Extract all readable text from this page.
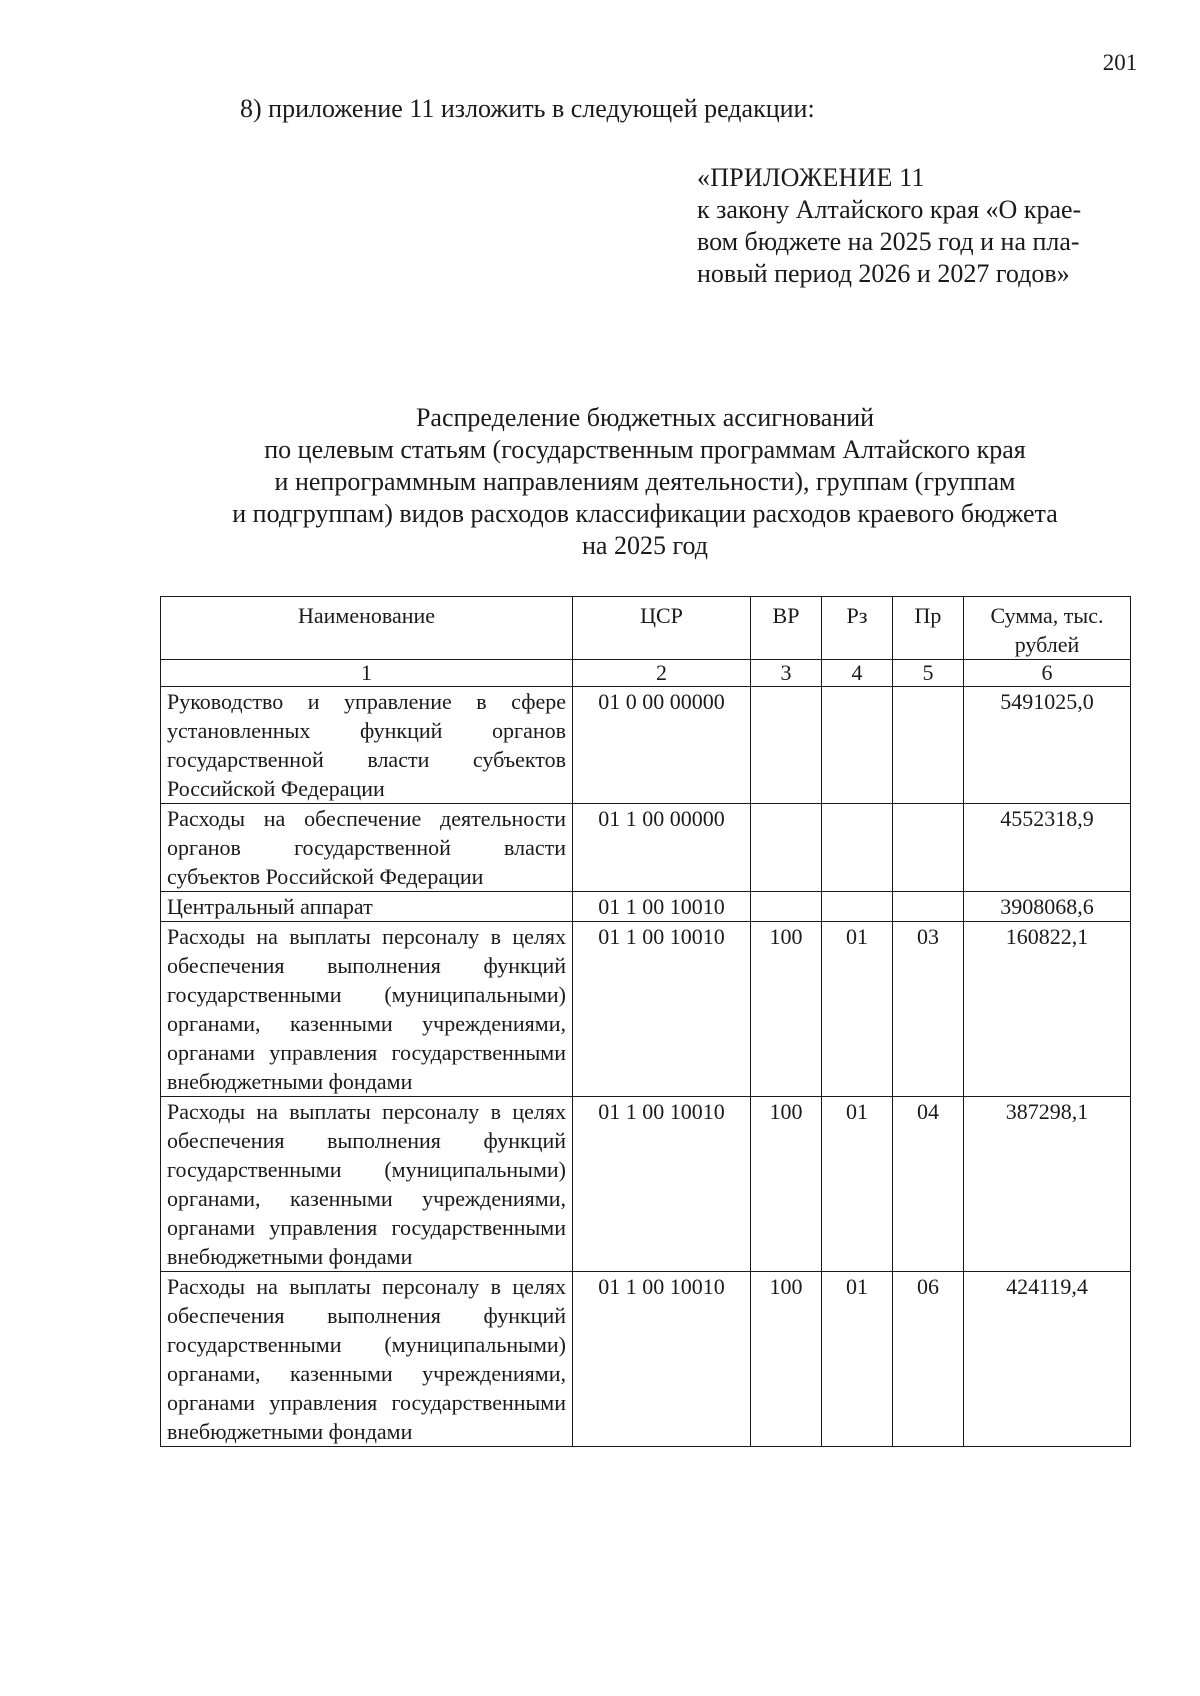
201
8) приложение 11 изложить в следующей редакции:
«ПРИЛОЖЕНИЕ 11
к закону Алтайского края «О крае-
вом бюджете на 2025 год и на пла-
новый период 2026 и 2027 годов»
Распределение бюджетных ассигнований
по целевым статьям (государственным программам Алтайского края
и непрограммным направлениям деятельности), группам (группам
и подгруппам) видов расходов классификации расходов краевого бюджета
на 2025 год
Наименование	ЦСР	ВР	Рз	Пр	Сумма, тыс. рублей
1	2	3	4	5	6
Руководство и управление в сфере установленных функций органов государственной власти субъектов Российской Федерации	01 0 00 00000				5491025,0
Расходы на обеспечение деятельности органов государственной власти субъектов Российской Федерации	01 1 00 00000				4552318,9
Центральный аппарат	01 1 00 10010				3908068,6
Расходы на выплаты персоналу в целях обеспечения выполнения функций государственными (муниципальными) органами, казенными учреждениями, органами управления государственными внебюджетными фондами	01 1 00 10010	100	01	03	160822,1
Расходы на выплаты персоналу в целях обеспечения выполнения функций государственными (муниципальными) органами, казенными учреждениями, органами управления государственными внебюджетными фондами	01 1 00 10010	100	01	04	387298,1
Расходы на выплаты персоналу в целях обеспечения выполнения функций государственными (муниципальными) органами, казенными учреждениями, органами управления государственными внебюджетными фондами	01 1 00 10010	100	01	06	424119,4
